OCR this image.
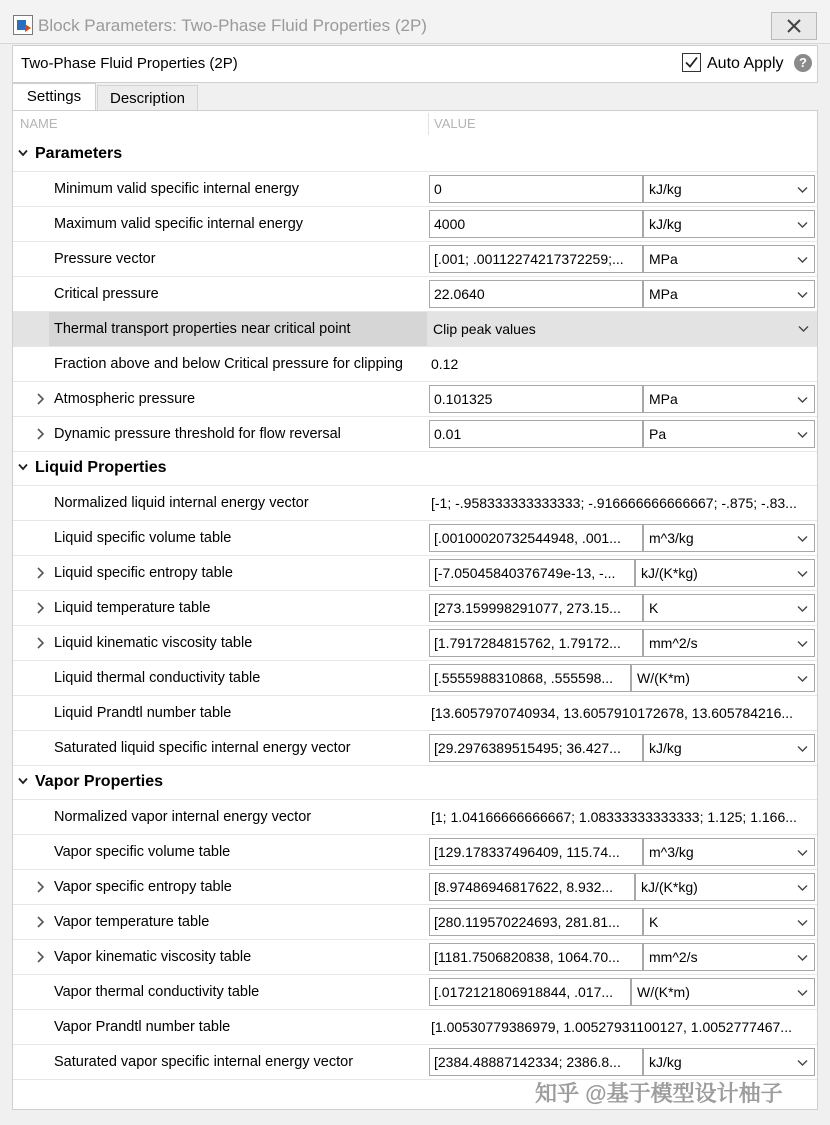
Block Parameters: Two-Phase Fluid Properties (2P)
Two-Phase Fluid Properties (2P)	Auto Apply	?
Settings	Description
NAME	VALUE
Parameters
Minimum valid specific internal energy	0	kJ/kg
Maximum valid specific internal energy	4000	kJ/kg
Pressure vector	[.001; .00112274217372259;...	MPa
Critical pressure	22.0640	MPa
Thermal transport properties near critical point	Clip peak values
Fraction above and below Critical pressure for clipping 0.12
Atmospheric pressure	0.101325	MPa
Dynamic pressure threshold for flow reversal	0.01	Pa
Liquid Properties
Normalized liquid internal energy vector	[-1; -.958333333333333; -.916666666666667; -.875; -.83...
Liquid specific volume table	[.00100020732544948, .001...	m^3/kg
Liquid specific entropy table	[-7.05045840376749e-13, -...	kJ/(K*kg)
Liquid temperature table	[273.159998291077, 273.15...	K
Liquid kinematic viscosity table	[1.7917284815762, 1.79172...	mm^2/s
Liquid thermal conductivity table	[.5555988310868, .555598...	W/(K*m)
Liquid Prandtl number table	[13.6057970740934, 13.6057910172678, 13.605784216...
Saturated liquid specific internal energy vector	[29.2976389515495; 36.427...	kJ/kg
Vapor Properties
Normalized vapor internal energy vector	[1; 1.04166666666667; 1.08333333333333; 1.125; 1.166...
Vapor specific volume table	[129.178337496409, 115.74...	m^3/kg
Vapor specific entropy table	[8.97486946817622, 8.932...	kJ/(K*kg)
Vapor temperature table	[280.119570224693, 281.81...	K
Vapor kinematic viscosity table	[1181.7506820838, 1064.70...	mm^2/s
Vapor thermal conductivity table	[.0172121806918844, .017...	W/(K*m)
Vapor Prandtl number table	[1.00530779386979, 1.00527931100127, 1.0052777467...
Saturated vapor specific internal energy vector	[2384.48887142334; 2386.8...	kJ/kg
知乎 @基于模型设计柚子
